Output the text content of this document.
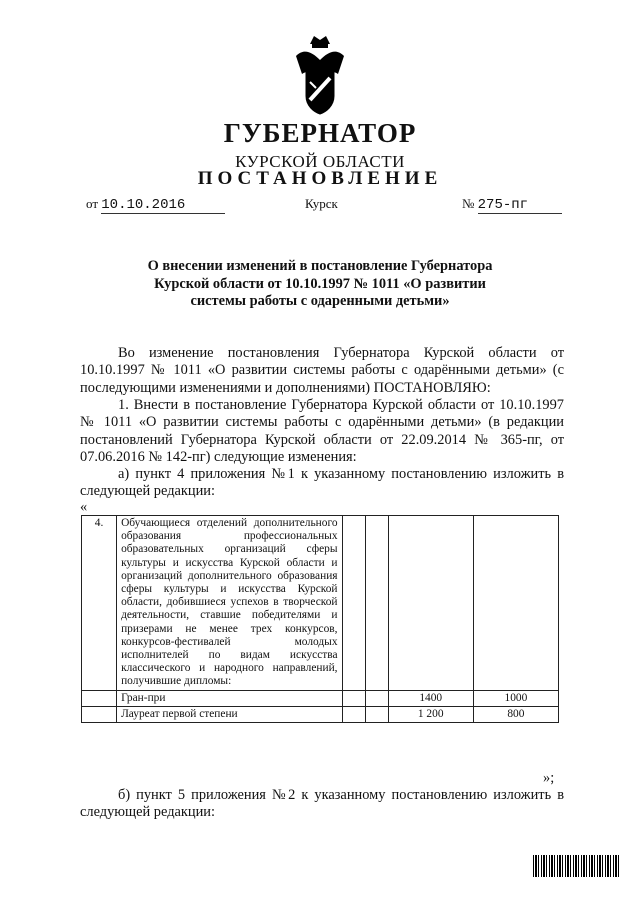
ГУБЕРНАТОР
КУРСКОЙ ОБЛАСТИ
ПОСТАНОВЛЕНИЕ
от 10.10.2016	Курск	№ 275-пг
О внесении изменений в постановление Губернатора Курской области от 10.10.1997 № 1011 «О развитии системы работы с одаренными детьми»
Во изменение постановления Губернатора Курской области от 10.10.1997 № 1011 «О развитии системы работы с одарёнными детьми» (с последующими изменениями и дополнениями) ПОСТАНОВЛЯЮ:
1. Внести в постановление Губернатора Курской области от 10.10.1997 № 1011 «О развитии системы работы с одарёнными детьми» (в редакции постановлений Губернатора Курской области от 22.09.2014 № 365-пг, от 07.06.2016 № 142-пг) следующие изменения:
а) пункт 4 приложения №1 к указанному постановлению изложить в следующей редакции:
«
4.	Обучающиеся отделений дополнительного образования профессиональных образовательных организаций сферы культуры и искусства Курской области и организаций дополнительного образования сферы культуры и искусства Курской области, добившиеся успехов в творческой деятельности, ставшие победителями и призерами не менее трех конкурсов, конкурсов-фестивалей молодых исполнителей по видам искусства классического и народного направлений, получившие дипломы:				
	Гран-при			1400	1000
	Лауреат первой степени			1 200	800
»;
б) пункт 5 приложения №2 к указанному постановлению изложить в следующей редакции:
